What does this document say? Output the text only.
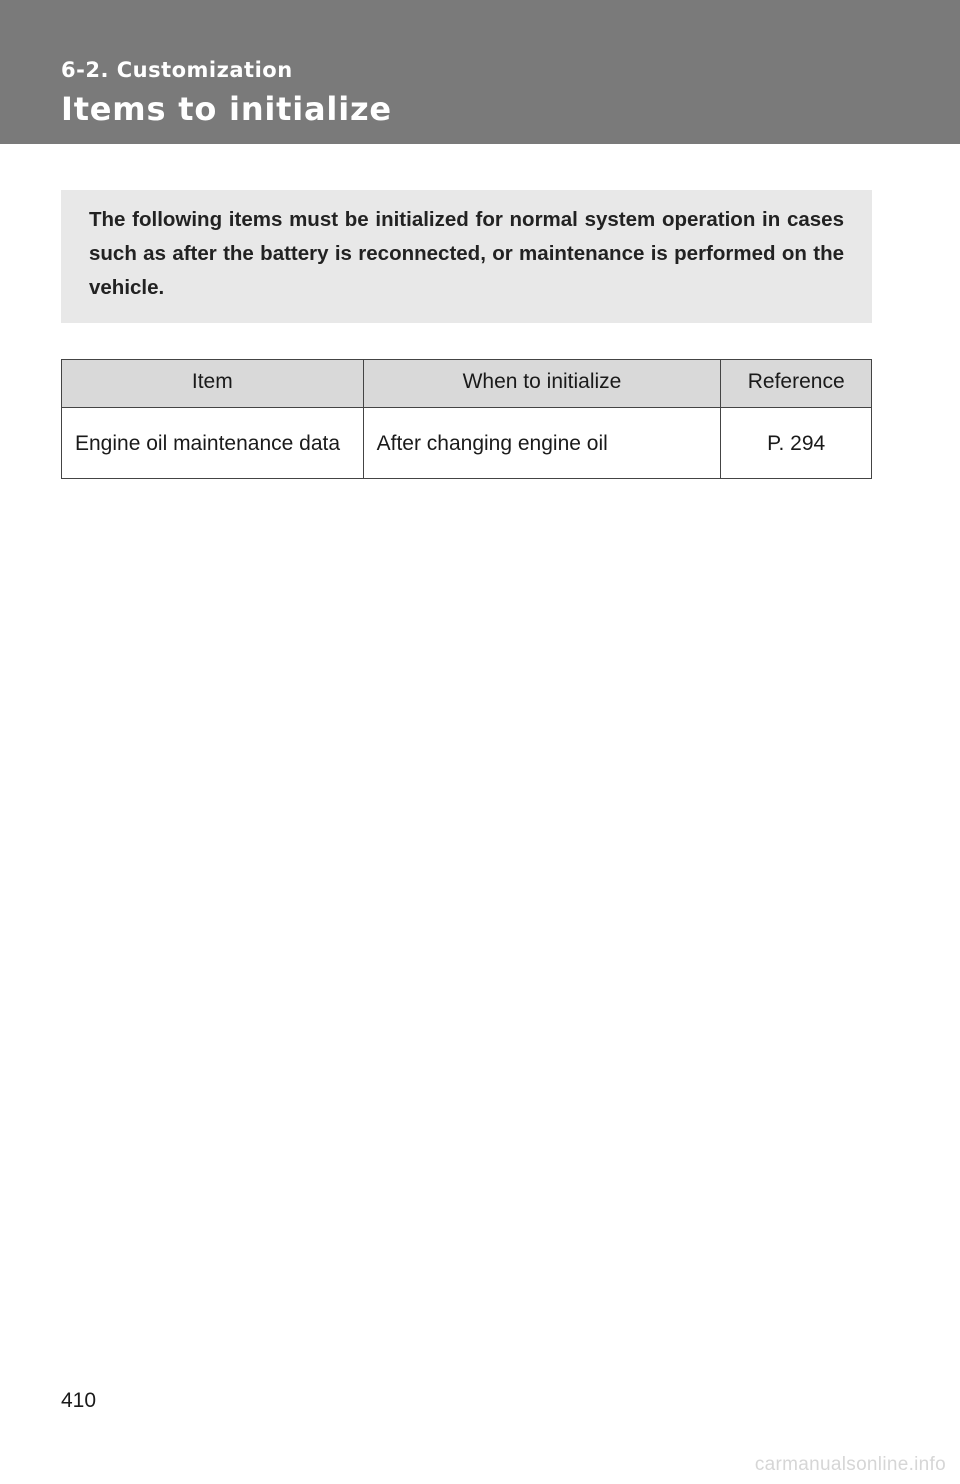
6-2. Customization
Items to initialize

The following items must be initialized for normal system operation in cases such as after the battery is reconnected, or maintenance is performed on the vehicle.

Item	When to initialize	Reference
Engine oil maintenance data	After changing engine oil	P. 294
410
carmanualsonline.info
